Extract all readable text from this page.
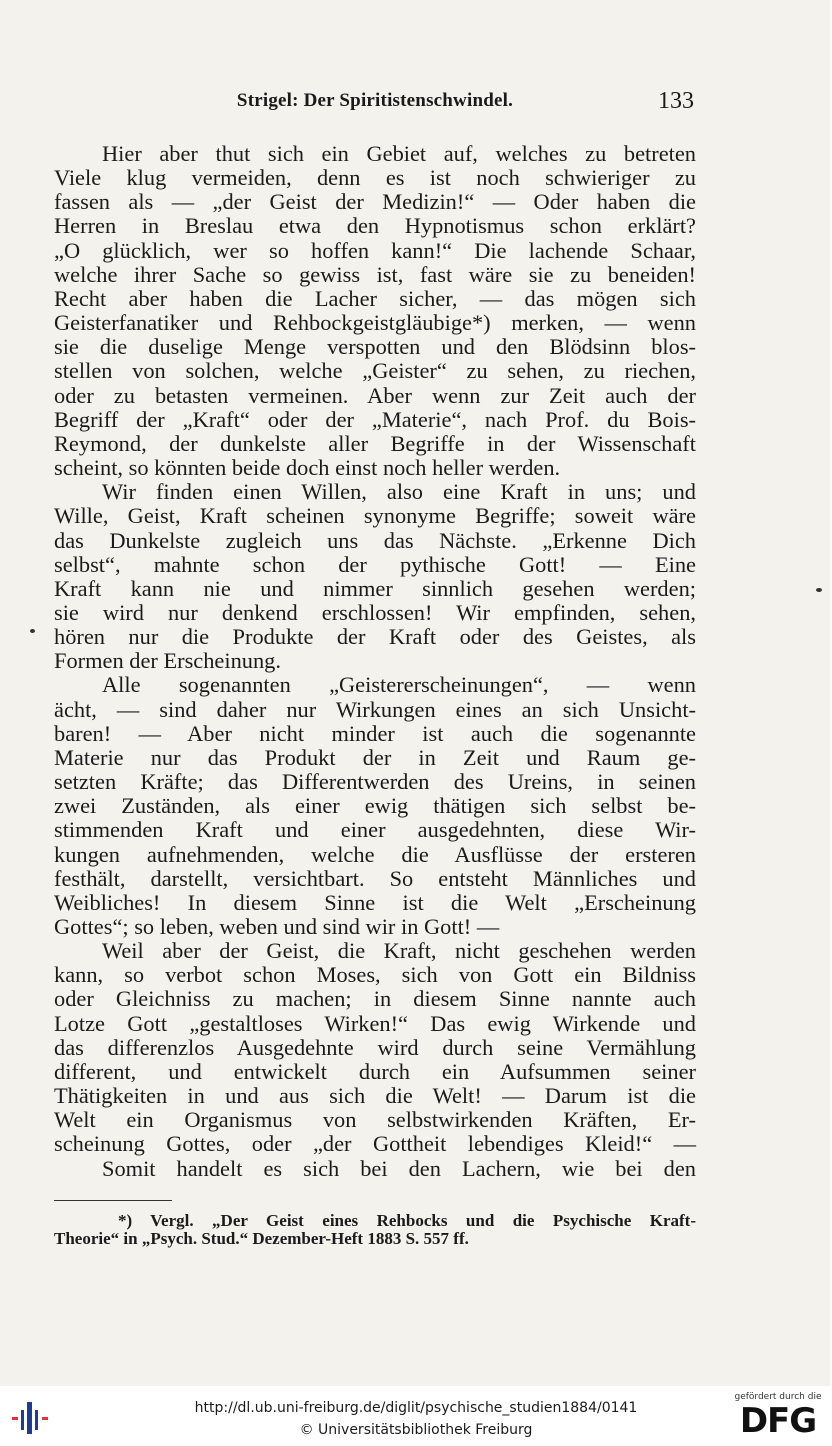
Strigel: Der Spiritistenschwindel.	133
Hier aber thut sich ein Gebiet auf, welches zu betreten
Viele klug vermeiden, denn es ist noch schwieriger zu
fassen als — „der Geist der Medizin!“ — Oder haben die
Herren in Breslau etwa den Hypnotismus schon erklärt?
„O glücklich, wer so hoffen kann!“ Die lachende Schaar,
welche ihrer Sache so gewiss ist, fast wäre sie zu beneiden!
Recht aber haben die Lacher sicher, — das mögen sich
Geisterfanatiker und Rehbockgeistgläubige*) merken, — wenn
sie die duselige Menge verspotten und den Blödsinn blos-
stellen von solchen, welche „Geister“ zu sehen, zu riechen,
oder zu betasten vermeinen. Aber wenn zur Zeit auch der
Begriff der „Kraft“ oder der „Materie“, nach Prof. du Bois-
Reymond, der dunkelste aller Begriffe in der Wissenschaft
scheint, so könnten beide doch einst noch heller werden.
Wir finden einen Willen, also eine Kraft in uns; und
Wille, Geist, Kraft scheinen synonyme Begriffe; soweit wäre
das Dunkelste zugleich uns das Nächste. „Erkenne Dich
selbst“, mahnte schon der pythische Gott! — Eine
Kraft kann nie und nimmer sinnlich gesehen werden;
sie wird nur denkend erschlossen! Wir empfinden, sehen,
hören nur die Produkte der Kraft oder des Geistes, als
Formen der Erscheinung.
Alle sogenannten „Geistererscheinungen“, — wenn
ächt, — sind daher nur Wirkungen eines an sich Unsicht-
baren! — Aber nicht minder ist auch die sogenannte
Materie nur das Produkt der in Zeit und Raum ge-
setzten Kräfte; das Differentwerden des Ureins, in seinen
zwei Zuständen, als einer ewig thätigen sich selbst be-
stimmenden Kraft und einer ausgedehnten, diese Wir-
kungen aufnehmenden, welche die Ausflüsse der ersteren
festhält, darstellt, versichtbart. So entsteht Männliches und
Weibliches! In diesem Sinne ist die Welt „Erscheinung
Gottes“; so leben, weben und sind wir in Gott! —
Weil aber der Geist, die Kraft, nicht geschehen werden
kann, so verbot schon Moses, sich von Gott ein Bildniss
oder Gleichniss zu machen; in diesem Sinne nannte auch
Lotze Gott „gestaltloses Wirken!“ Das ewig Wirkende und
das differenzlos Ausgedehnte wird durch seine Vermählung
different, und entwickelt durch ein Aufsummen seiner
Thätigkeiten in und aus sich die Welt! — Darum ist die
Welt ein Organismus von selbstwirkenden Kräften, Er-
scheinung Gottes, oder „der Gottheit lebendiges Kleid!“ —
Somit handelt es sich bei den Lachern, wie bei den
*) Vergl. „Der Geist eines Rehbocks und die Psychische Kraft-
Theorie“ in „Psych. Stud.“ Dezember-Heft 1883 S. 557 ff.
http://dl.ub.uni-freiburg.de/diglit/psychische_studien1884/0141
© Universitätsbibliothek Freiburg
gefördert durch die
DFG
